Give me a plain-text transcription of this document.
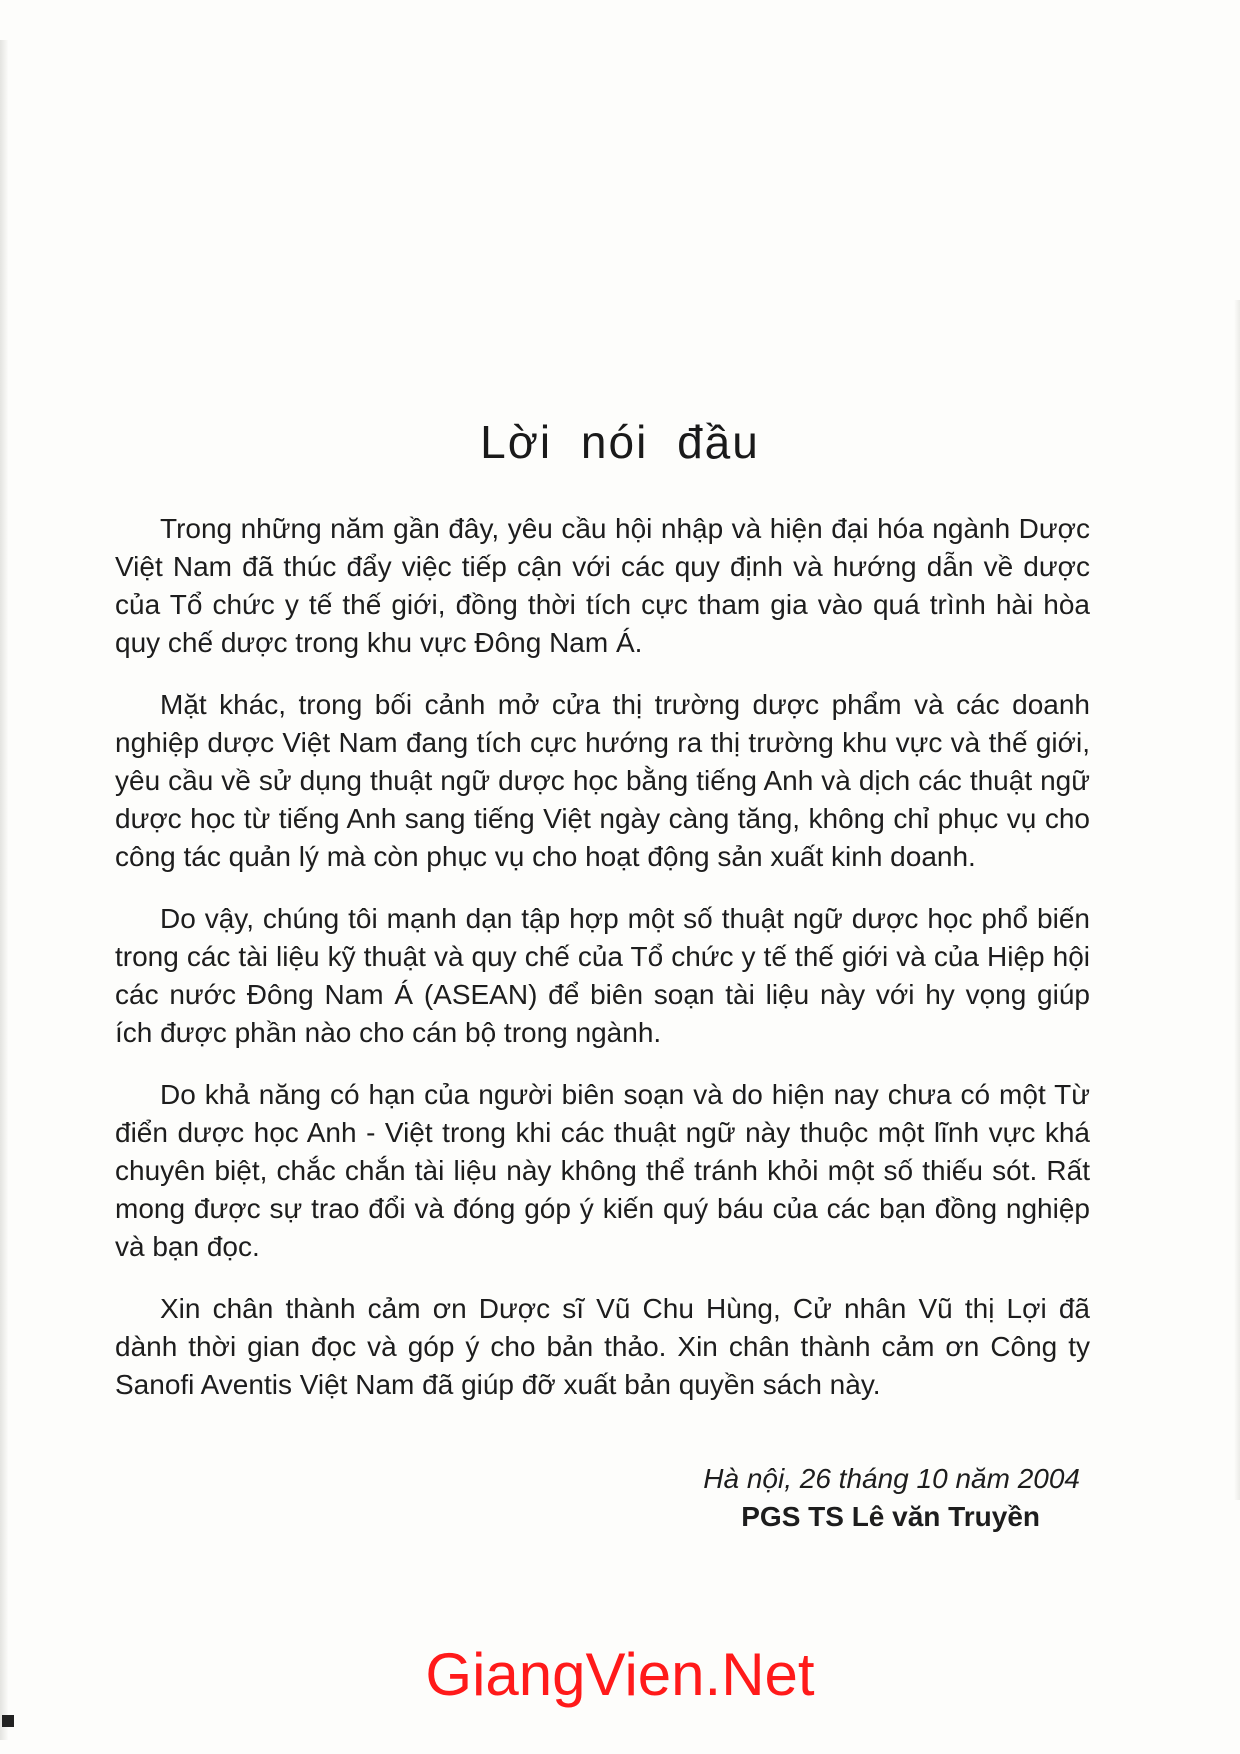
Lời nói đầu

Trong những năm gần đây, yêu cầu hội nhập và hiện đại hóa ngành Dược Việt Nam đã thúc đẩy việc tiếp cận với các quy định và hướng dẫn về dược của Tổ chức y tế thế giới, đồng thời tích cực tham gia vào quá trình hài hòa quy chế dược trong khu vực Đông Nam Á.

Mặt khác, trong bối cảnh mở cửa thị trường dược phẩm và các doanh nghiệp dược Việt Nam đang tích cực hướng ra thị trường khu vực và thế giới, yêu cầu về sử dụng thuật ngữ dược học bằng tiếng Anh và dịch các thuật ngữ dược học từ tiếng Anh sang tiếng Việt ngày càng tăng, không chỉ phục vụ cho công tác quản lý mà còn phục vụ cho hoạt động sản xuất kinh doanh.

Do vậy, chúng tôi mạnh dạn tập hợp một số thuật ngữ dược học phổ biến trong các tài liệu kỹ thuật và quy chế của Tổ chức y tế thế giới và của Hiệp hội các nước Đông Nam Á (ASEAN) để biên soạn tài liệu này với hy vọng giúp ích được phần nào cho cán bộ trong ngành.

Do khả năng có hạn của người biên soạn và do hiện nay chưa có một Từ điển dược học Anh - Việt trong khi các thuật ngữ này thuộc một lĩnh vực khá chuyên biệt, chắc chắn tài liệu này không thể tránh khỏi một số thiếu sót. Rất mong được sự trao đổi và đóng góp ý kiến quý báu của các bạn đồng nghiệp và bạn đọc.

Xin chân thành cảm ơn Dược sĩ Vũ Chu Hùng, Cử nhân Vũ thị Lợi đã dành thời gian đọc và góp ý cho bản thảo. Xin chân thành cảm ơn Công ty Sanofi Aventis Việt Nam đã giúp đỡ xuất bản quyền sách này.

Hà nội, 26 tháng 10 năm 2004
PGS TS Lê văn Truyền
GiangVien.Net
